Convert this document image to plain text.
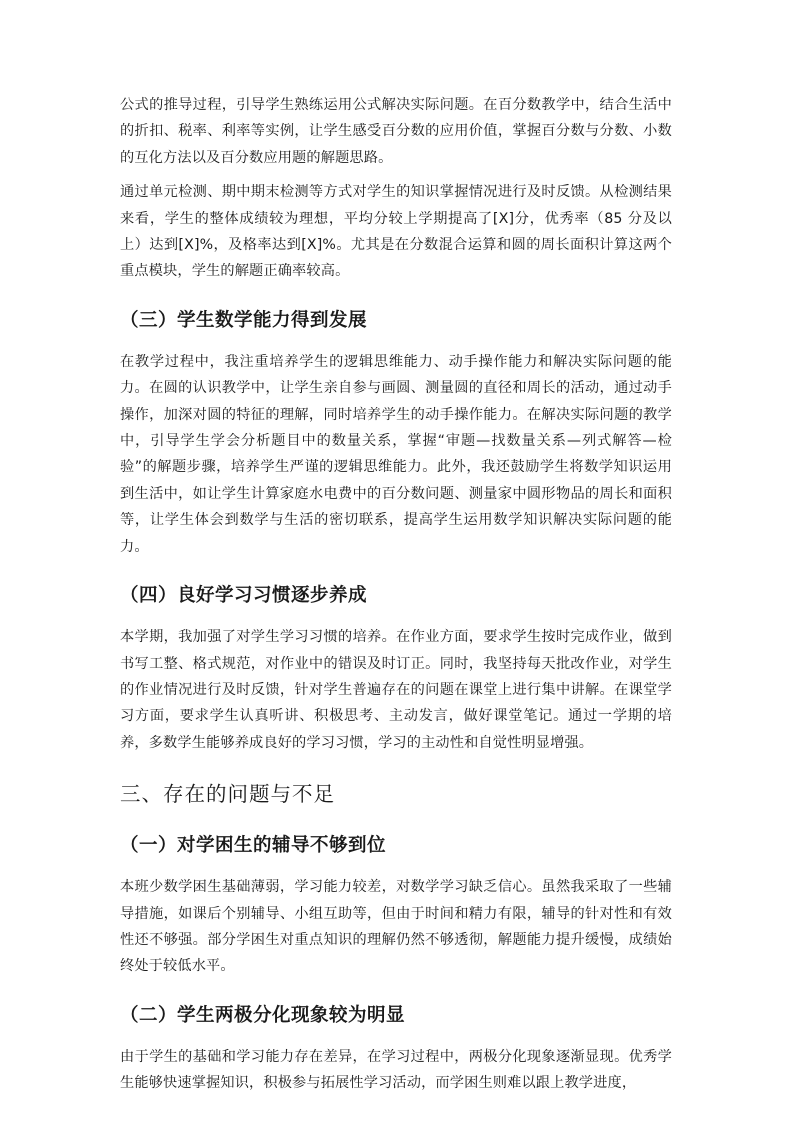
公式的推导过程，引导学生熟练运用公式解决实际问题。在百分数教学中，结合生活中的折扣、税率、利率等实例，让学生感受百分数的应用价值，掌握百分数与分数、小数的互化方法以及百分数应用题的解题思路。

通过单元检测、期中期末检测等方式对学生的知识掌握情况进行及时反馈。从检测结果来看，学生的整体成绩较为理想，平均分较上学期提高了[X]分，优秀率（85 分及以上）达到[X]%，及格率达到[X]%。尤其是在分数混合运算和圆的周长面积计算这两个重点模块，学生的解题正确率较高。

（三）学生数学能力得到发展

在教学过程中，我注重培养学生的逻辑思维能力、动手操作能力和解决实际问题的能力。在圆的认识教学中，让学生亲自参与画圆、测量圆的直径和周长的活动，通过动手操作，加深对圆的特征的理解，同时培养学生的动手操作能力。在解决实际问题的教学中，引导学生学会分析题目中的数量关系，掌握“审题—找数量关系—列式解答—检验”的解题步骤，培养学生严谨的逻辑思维能力。此外，我还鼓励学生将数学知识运用到生活中，如让学生计算家庭水电费中的百分数问题、测量家中圆形物品的周长和面积等，让学生体会到数学与生活的密切联系，提高学生运用数学知识解决实际问题的能力。

（四）良好学习习惯逐步养成

本学期，我加强了对学生学习习惯的培养。在作业方面，要求学生按时完成作业，做到书写工整、格式规范，对作业中的错误及时订正。同时，我坚持每天批改作业，对学生的作业情况进行及时反馈，针对学生普遍存在的问题在课堂上进行集中讲解。在课堂学习方面，要求学生认真听讲、积极思考、主动发言，做好课堂笔记。通过一学期的培养，多数学生能够养成良好的学习习惯，学习的主动性和自觉性明显增强。

三、存在的问题与不足
（一）对学困生的辅导不够到位

本班少数学困生基础薄弱，学习能力较差，对数学学习缺乏信心。虽然我采取了一些辅导措施，如课后个别辅导、小组互助等，但由于时间和精力有限，辅导的针对性和有效性还不够强。部分学困生对重点知识的理解仍然不够透彻，解题能力提升缓慢，成绩始终处于较低水平。

（二）学生两极分化现象较为明显

由于学生的基础和学习能力存在差异，在学习过程中，两极分化现象逐渐显现。优秀学生能够快速掌握知识，积极参与拓展性学习活动，而学困生则难以跟上教学进度，
